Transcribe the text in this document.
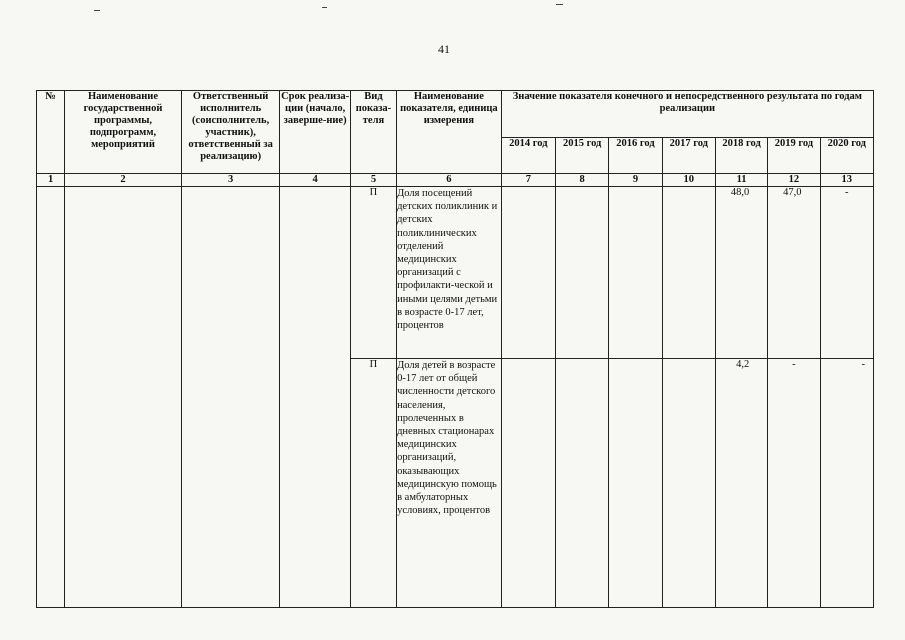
41
№	Наименование государственной программы, подпрограмм, мероприятий	Ответственный исполнитель (соисполнитель, участник), ответственный за реализацию)	Срок реализа-ции (начало, заверше-ние)	Вид показа-теля	Наименование показателя, единица измерения	Значение показателя конечного и непосредственного результата по годам реализации						
						2014 год	2015 год	2016 год	2017 год	2018 год	2019 год	2020 год
1	2	3	4	5	6	7	8	9	10	11	12	13
				П	Доля посещений детских поликлиник и детских поликлинических отделений медицинских организаций с профилакти-ческой и иными целями детьми в возрасте 0-17 лет, процентов					48,0	47,0	-
				П	Доля детей в возрасте 0-17 лет от общей численности детского населения, пролеченных в дневных стационарах медицинских организаций, оказывающих медицинскую помощь в амбулаторных условиях, процентов					4,2	-	-
